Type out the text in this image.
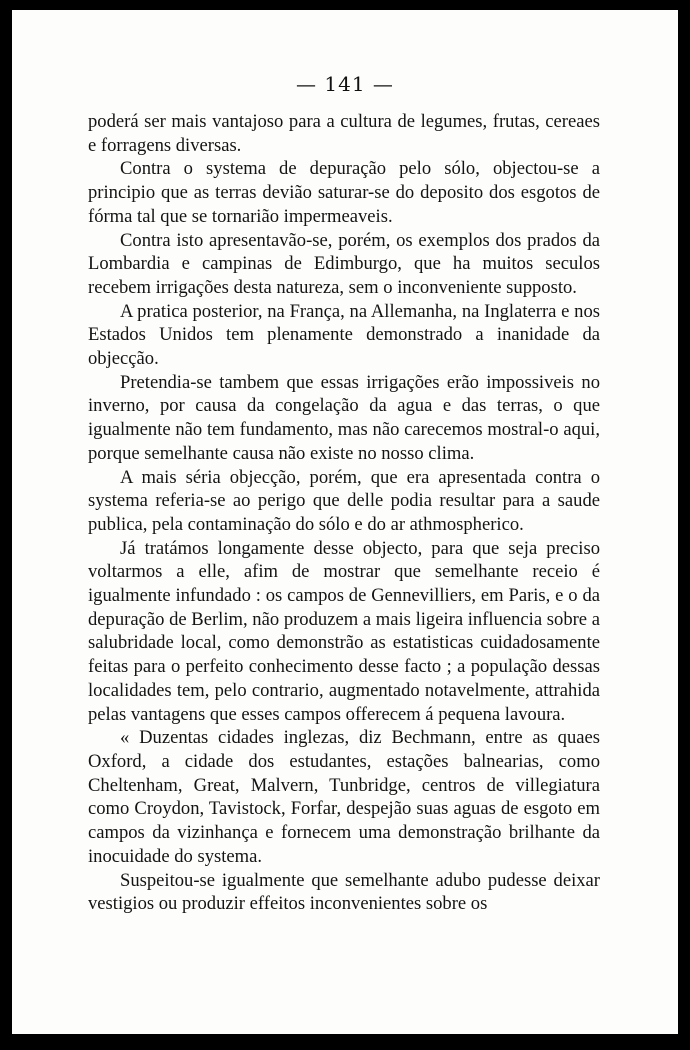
— 141 —

poderá ser mais vantajoso para a cultura de legumes, frutas, cereaes e forragens diversas.

Contra o systema de depuração pelo sólo, objectou-se a principio que as terras devião saturar-se do deposito dos esgotos de fórma tal que se tornarião impermeaveis.

Contra isto apresentavão-se, porém, os exemplos dos prados da Lombardia e campinas de Edimburgo, que ha muitos seculos recebem irrigações desta natureza, sem o inconveniente supposto.

A pratica posterior, na França, na Allemanha, na Inglaterra e nos Estados Unidos tem plenamente demonstrado a inanidade da objecção.

Pretendia-se tambem que essas irrigações erão impossiveis no inverno, por causa da congelação da agua e das terras, o que igualmente não tem fundamento, mas não carecemos mostral-o aqui, porque semelhante causa não existe no nosso clima.

A mais séria objecção, porém, que era apresentada contra o systema referia-se ao perigo que delle podia resultar para a saude publica, pela contaminação do sólo e do ar athmospherico.

Já tratámos longamente desse objecto, para que seja preciso voltarmos a elle, afim de mostrar que semelhante receio é igualmente infundado : os campos de Gennevilliers, em Paris, e o da depuração de Berlim, não produzem a mais ligeira influencia sobre a salubridade local, como demonstrão as estatisticas cuidadosamente feitas para o perfeito conhecimento desse facto ; a população dessas localidades tem, pelo contrario, augmentado notavelmente, attrahida pelas vantagens que esses campos offerecem á pequena lavoura.

« Duzentas cidades inglezas, diz Bechmann, entre as quaes Oxford, a cidade dos estudantes, estações balnearias, como Cheltenham, Great, Malvern, Tunbridge, centros de villegiatura como Croydon, Tavistock, Forfar, despejão suas aguas de esgoto em campos da vizinhança e fornecem uma demonstração brilhante da inocuidade do systema.

Suspeitou-se igualmente que semelhante adubo pudesse deixar vestigios ou produzir effeitos inconvenientes sobre os
